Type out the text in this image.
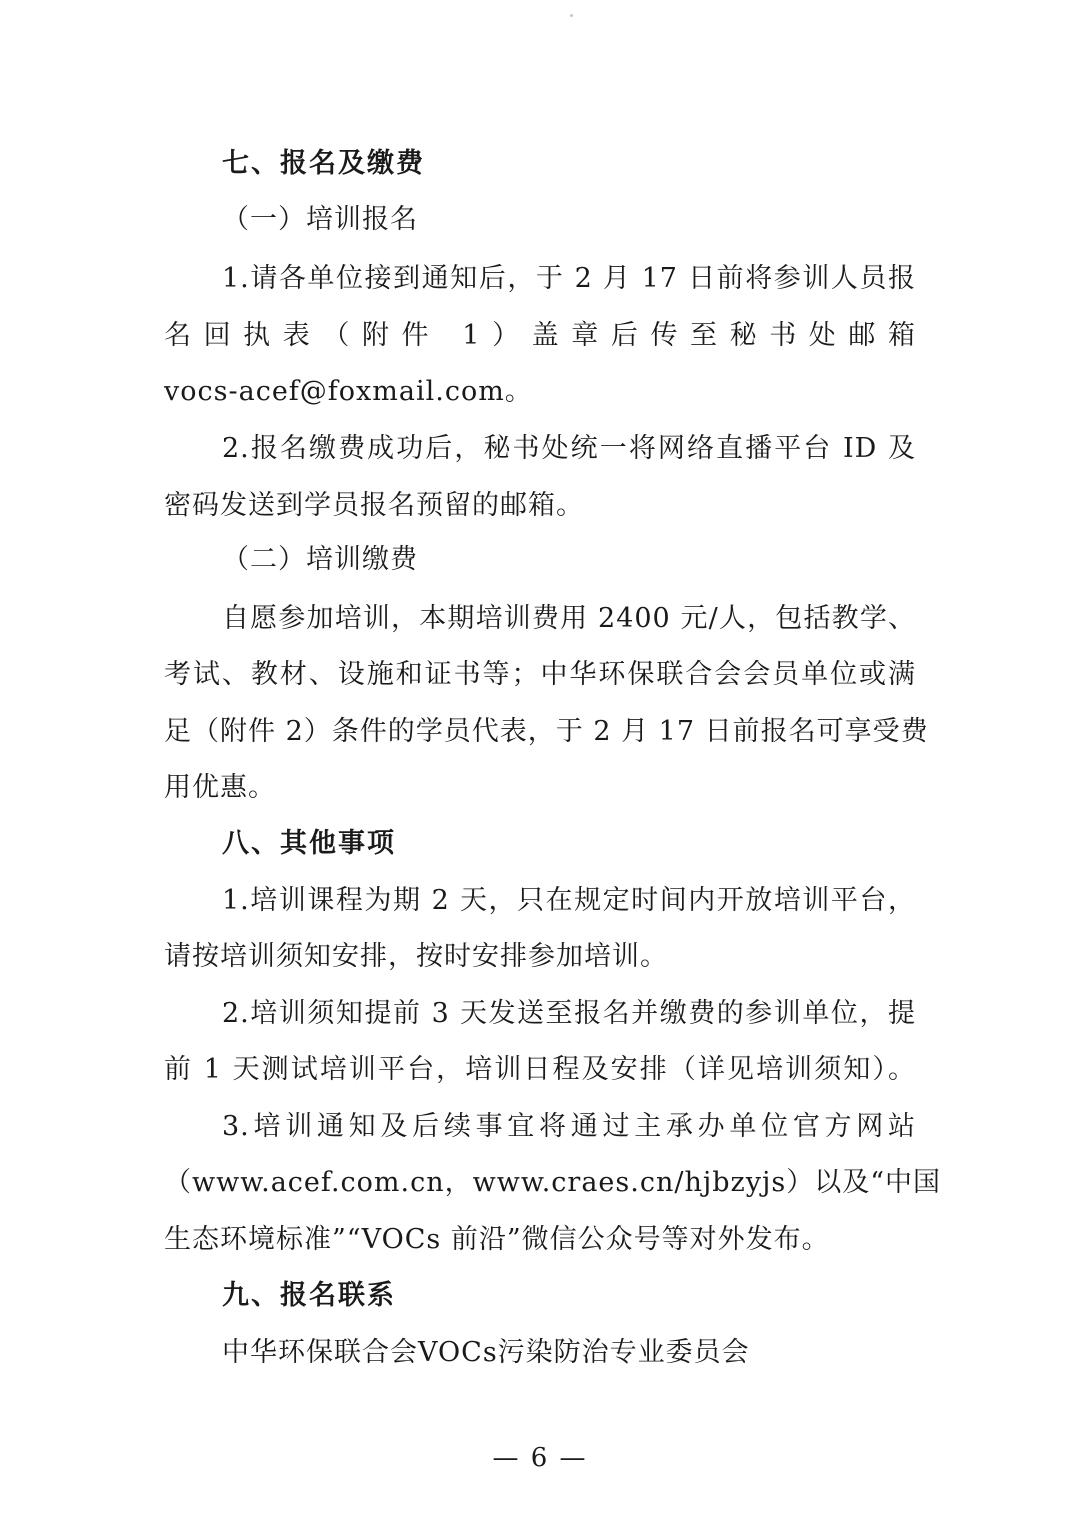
七、报名及缴费
（一）培训报名
1.请各单位接到通知后，于 2 月 17 日前将参训人员报
名回执表（附件 1）盖章后传至秘书处邮箱
vocs-acef@foxmail.com。
2.报名缴费成功后，秘书处统一将网络直播平台 ID 及
密码发送到学员报名预留的邮箱。
（二）培训缴费
自愿参加培训，本期培训费用 2400 元/人，包括教学、
考试、教材、设施和证书等；中华环保联合会会员单位或满
足（附件 2）条件的学员代表，于 2 月 17 日前报名可享受费
用优惠。
八、其他事项
1.培训课程为期 2 天，只在规定时间内开放培训平台，
请按培训须知安排，按时安排参加培训。
2.培训须知提前 3 天发送至报名并缴费的参训单位，提
前 1 天测试培训平台，培训日程及安排（详见培训须知）。
3.培训通知及后续事宜将通过主承办单位官方网站
（www.acef.com.cn，www.craes.cn/hjbzyjs）以及“中国
生态环境标准”“VOCs 前沿”微信公众号等对外发布。
九、报名联系
中华环保联合会VOCs污染防治专业委员会
— 6 —
